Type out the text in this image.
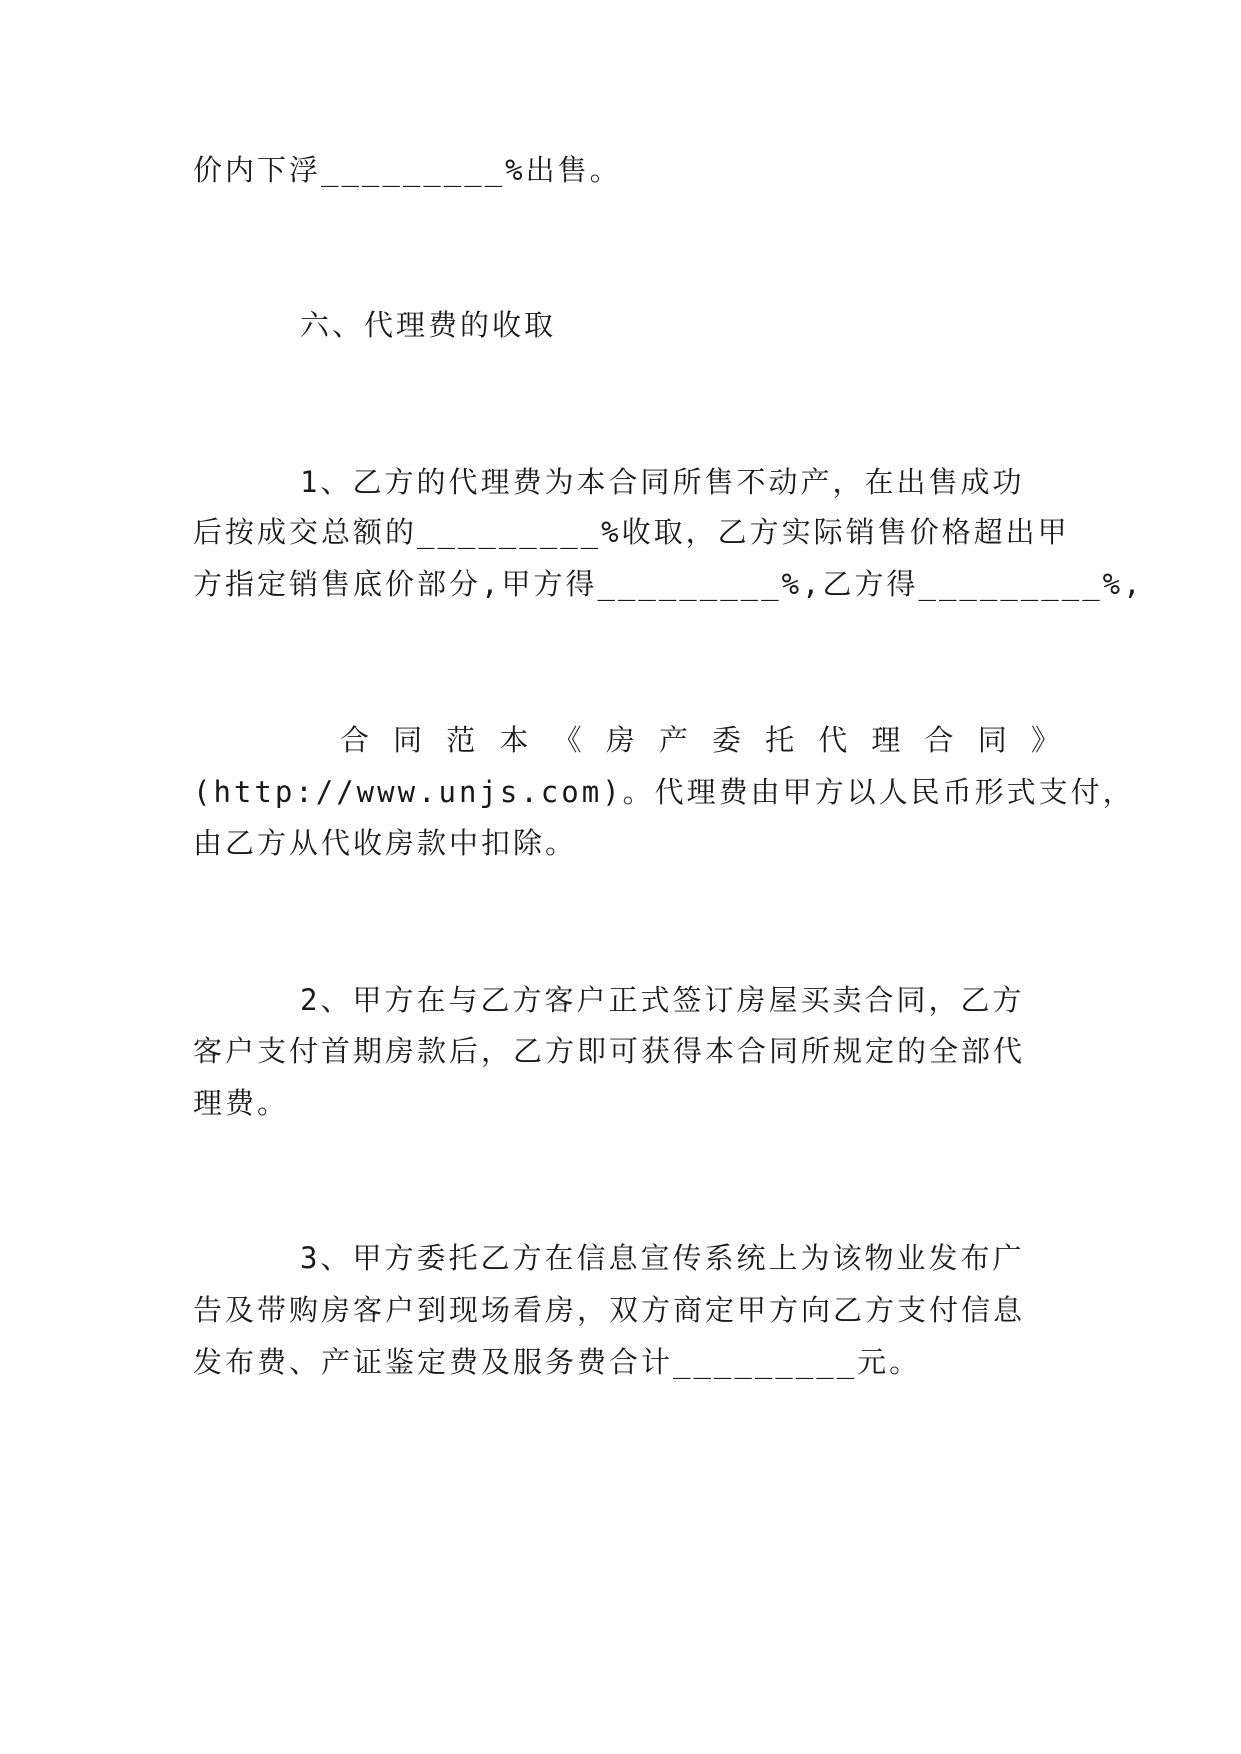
价内下浮_________%出售。
六、代理费的收取
1、乙方的代理费为本合同所售不动产，在出售成功
后按成交总额的_________%收取，乙方实际销售价格超出甲
方指定销售底价部分,甲方得_________%,乙方得_________%,
合 同 范 本 《 房 产 委 托 代 理 合 同 》
(http://www.unjs.com)。代理费由甲方以人民币形式支付，
由乙方从代收房款中扣除。
2、甲方在与乙方客户正式签订房屋买卖合同，乙方
客户支付首期房款后，乙方即可获得本合同所规定的全部代
理费。
3、甲方委托乙方在信息宣传系统上为该物业发布广
告及带购房客户到现场看房，双方商定甲方向乙方支付信息
发布费、产证鉴定费及服务费合计_________元。
